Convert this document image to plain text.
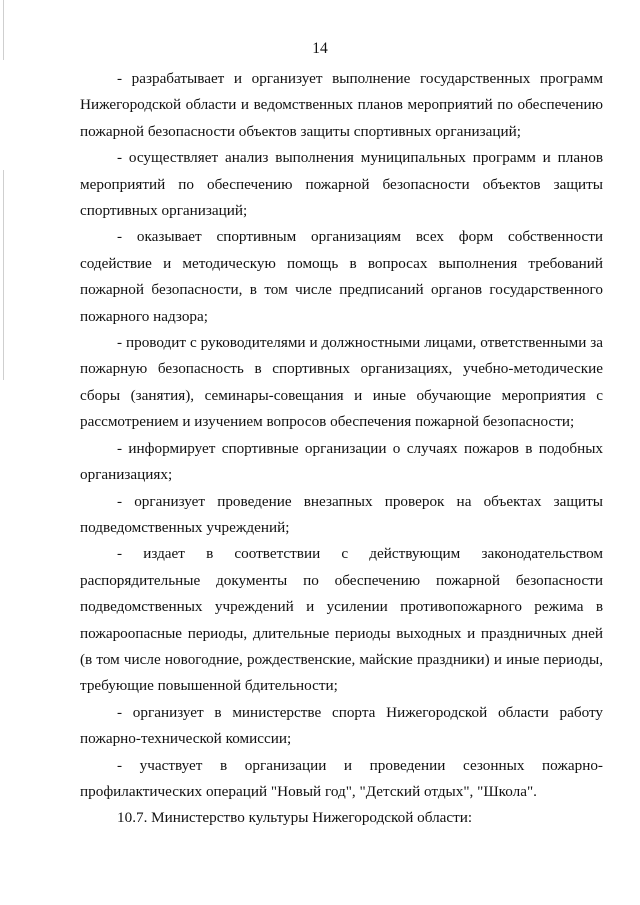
14

- разрабатывает и организует выполнение государственных программ Нижегородской области и ведомственных планов мероприятий по обеспечению пожарной безопасности объектов защиты спортивных организаций;

- осуществляет анализ выполнения муниципальных программ и планов мероприятий по обеспечению пожарной безопасности объектов защиты спортивных организаций;

- оказывает спортивным организациям всех форм собственности содействие и методическую помощь в вопросах выполнения требований пожарной безопасности, в том числе предписаний органов государственного пожарного надзора;

- проводит с руководителями и должностными лицами, ответственными за пожарную безопасность в спортивных организациях, учебно-методические сборы (занятия), семинары-совещания и иные обучающие мероприятия с рассмотрением и изучением вопросов обеспечения пожарной безопасности;

- информирует спортивные организации о случаях пожаров в подобных организациях;

- организует проведение внезапных проверок на объектах защиты подведомственных учреждений;

- издает в соответствии с действующим законодательством распорядительные документы по обеспечению пожарной безопасности подведомственных учреждений и усилении противопожарного режима в пожароопасные периоды, длительные периоды выходных и праздничных дней (в том числе новогодние, рождественские, майские праздники) и иные периоды, требующие повышенной бдительности;

- организует в министерстве спорта Нижегородской области работу пожарно-технической комиссии;

- участвует в организации и проведении сезонных пожарно-профилактических операций "Новый год", "Детский отдых", "Школа".

10.7. Министерство культуры Нижегородской области:
